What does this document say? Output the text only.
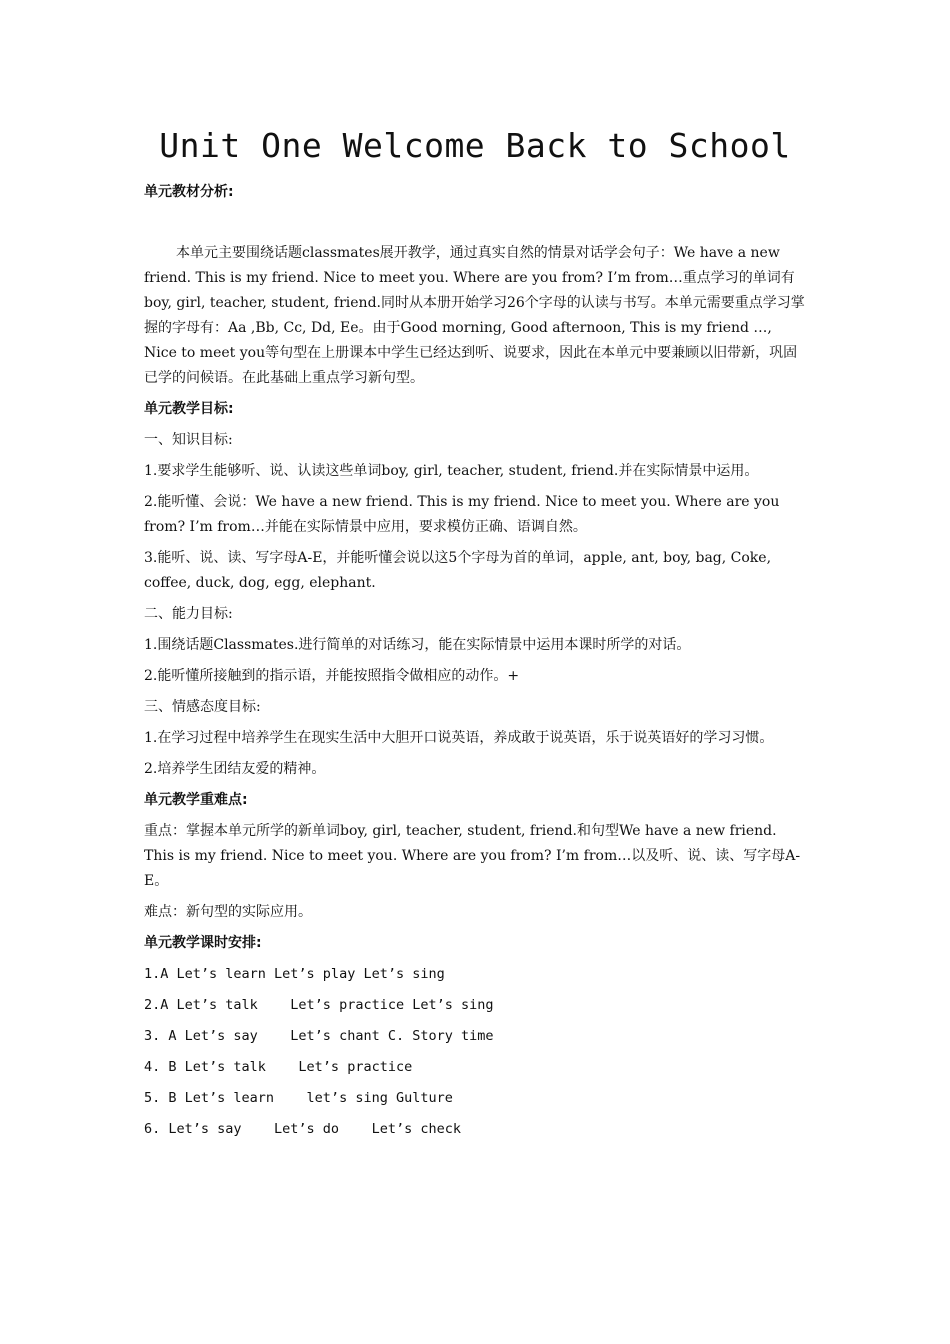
Unit One Welcome Back to School

单元教材分析:

本单元主要围绕话题classmates展开教学，通过真实自然的情景对话学会句子：We have a new friend. This is my friend. Nice to meet you. Where are you from? I’m from…重点学习的单词有boy, girl, teacher, student, friend.同时从本册开始学习26个字母的认读与书写。本单元需要重点学习掌握的字母有：Aa ,Bb, Cc, Dd, Ee。由于Good morning, Good afternoon, This is my friend …, Nice to meet you等句型在上册课本中学生已经达到听、说要求，因此在本单元中要兼顾以旧带新，巩固已学的问候语。在此基础上重点学习新句型。

单元教学目标:

一、知识目标:

1.要求学生能够听、说、认读这些单词boy, girl, teacher, student, friend.并在实际情景中运用。

2.能听懂、会说：We have a new friend. This is my friend. Nice to meet you. Where are you from? I’m from…并能在实际情景中应用，要求模仿正确、语调自然。

3.能听、说、读、写字母A-E，并能听懂会说以这5个字母为首的单词，apple, ant, boy, bag, Coke, coffee, duck, dog, egg, elephant.

二、能力目标:

1.围绕话题Classmates.进行简单的对话练习，能在实际情景中运用本课时所学的对话。

2.能听懂所接触到的指示语，并能按照指令做相应的动作。+

三、情感态度目标:

1.在学习过程中培养学生在现实生活中大胆开口说英语，养成敢于说英语，乐于说英语好的学习习惯。

2.培养学生团结友爱的精神。

单元教学重难点:

重点：掌握本单元所学的新单词boy, girl, teacher, student, friend.和句型We have a new friend. This is my friend. Nice to meet you. Where are you from? I’m from…以及听、说、读、写字母A-E。

难点：新句型的实际应用。

单元教学课时安排:

1.A Let’s learn Let’s play Let’s sing

2.A Let’s talk    Let’s practice Let’s sing

3. A Let’s say    Let’s chant C. Story time

4. B Let’s talk    Let’s practice

5. B Let’s learn    let’s sing Gulture

6. Let’s say    Let’s do    Let’s check
